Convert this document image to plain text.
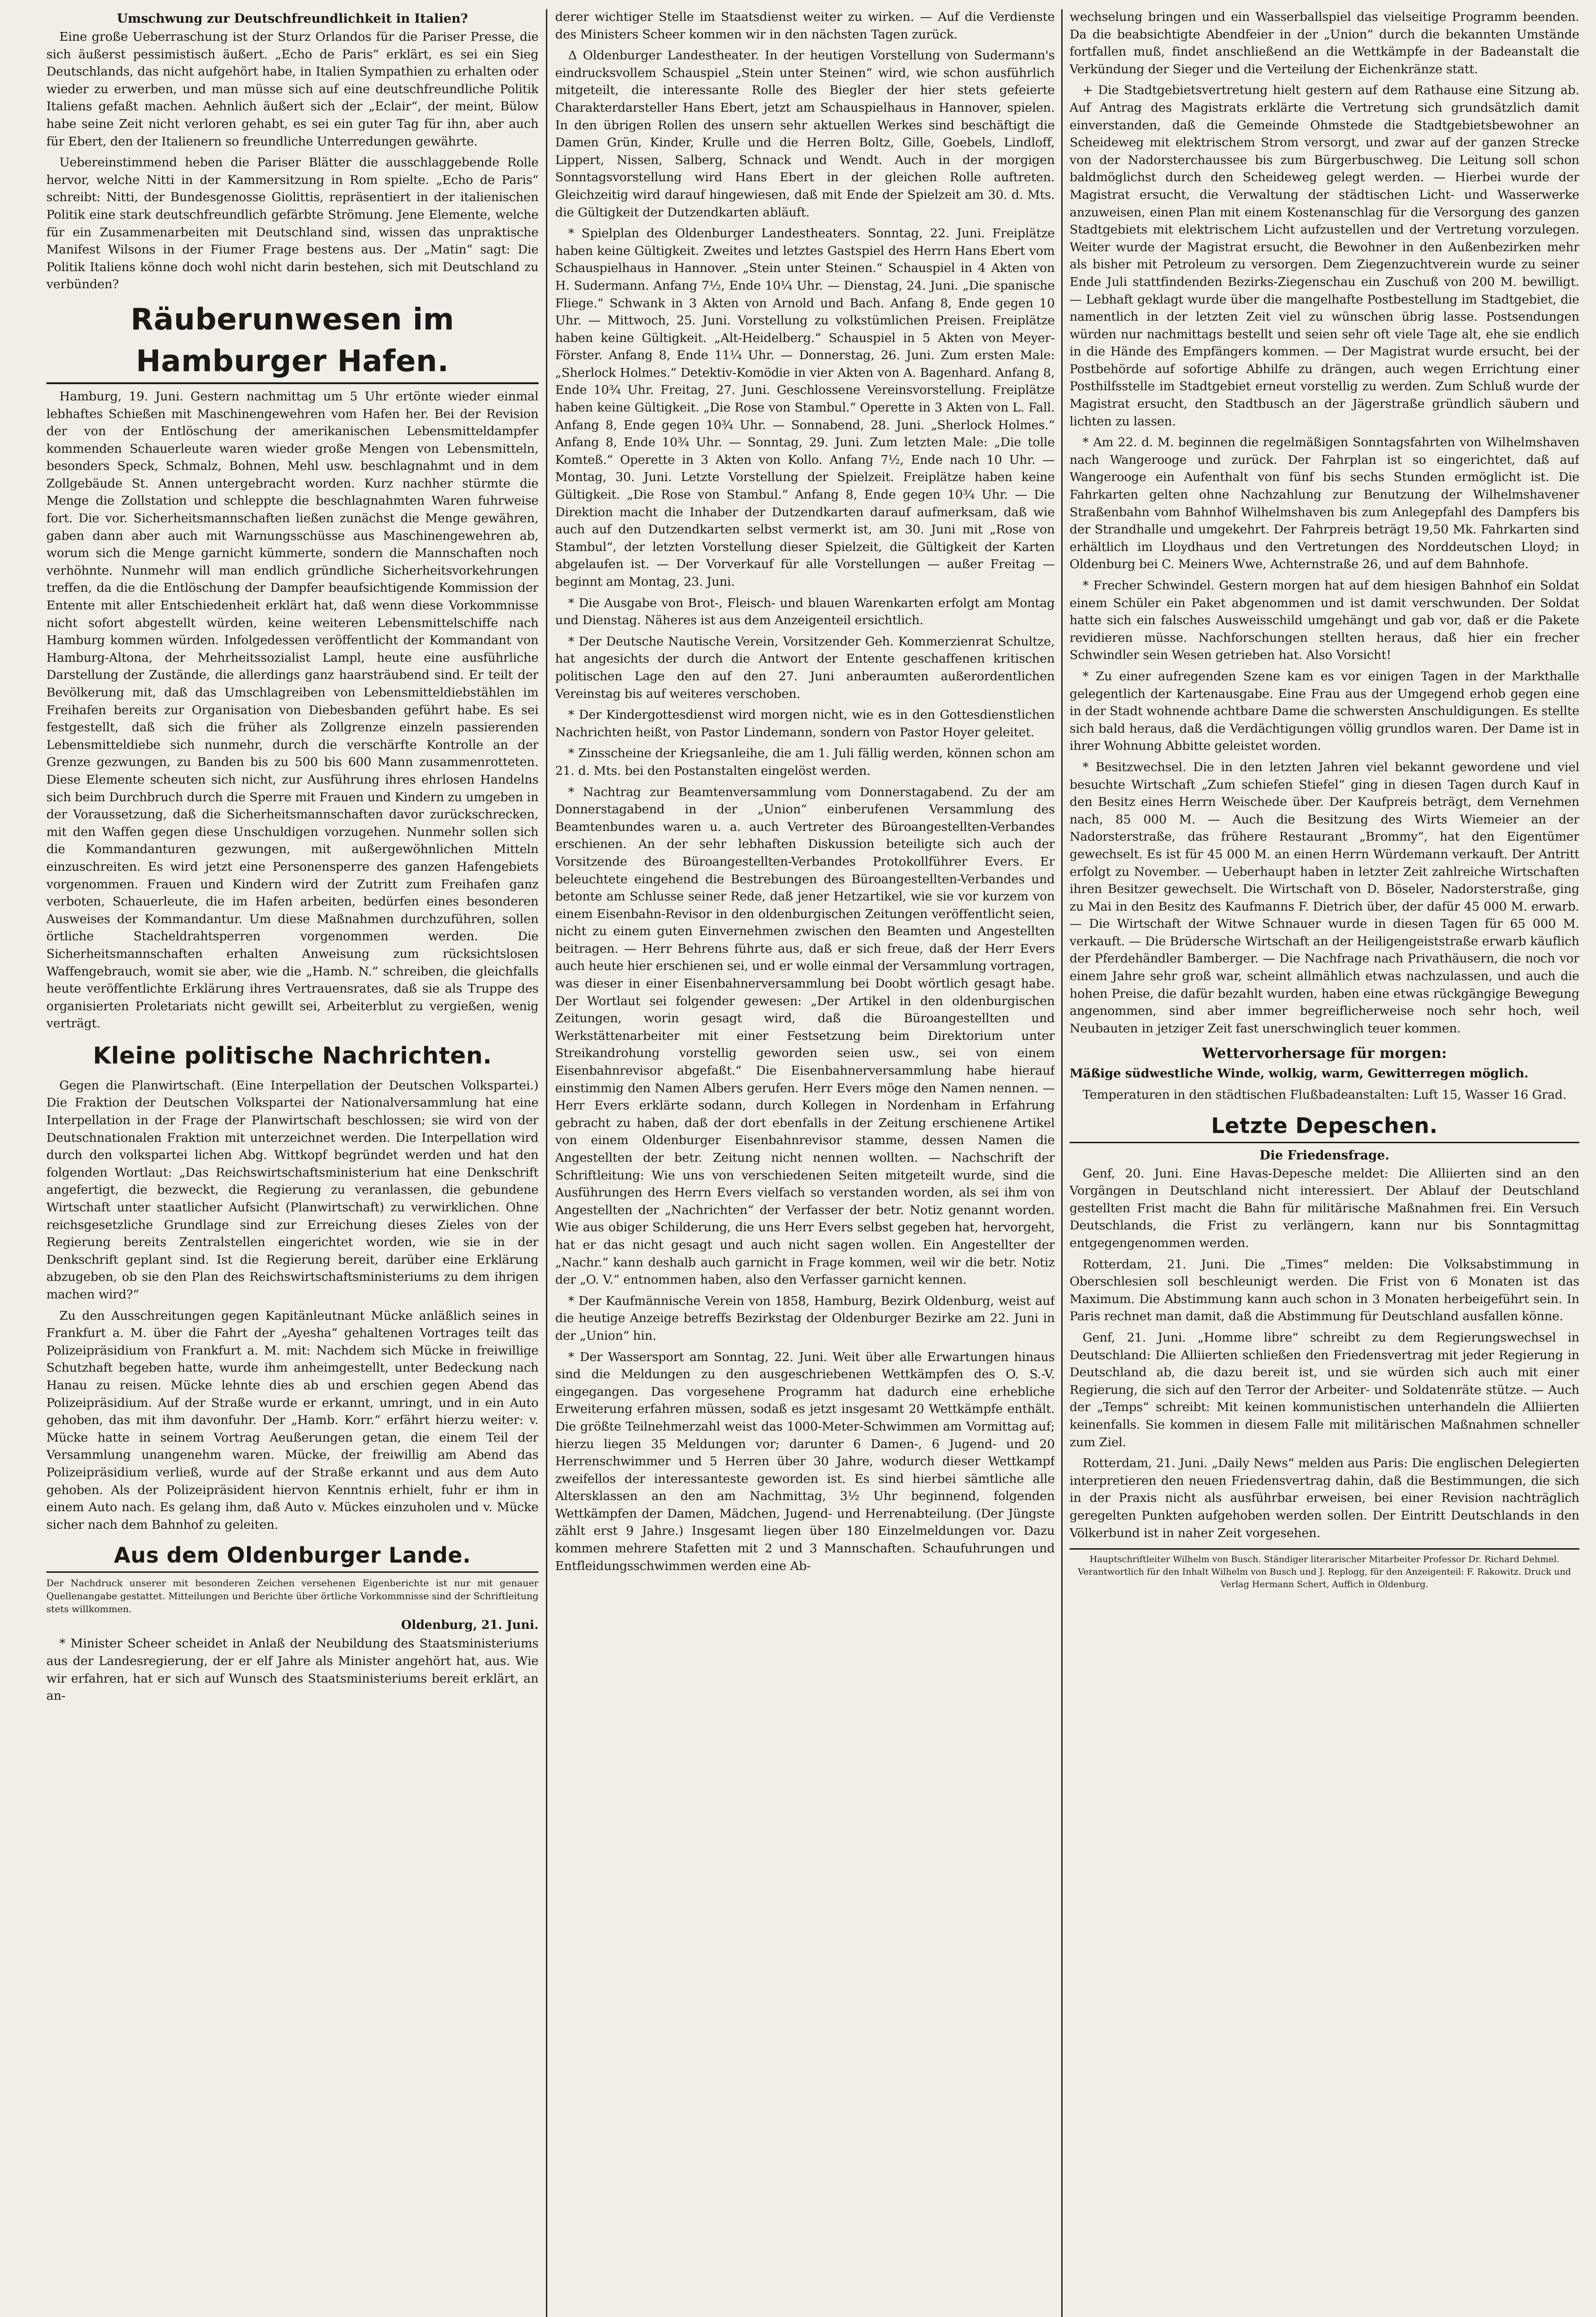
Umschwung zur Deutschfreundlichkeit in Italien?

Eine große Ueberraschung ist der Sturz Orlandos für die Pariser Presse, die sich äußerst pessimistisch äußert. „Echo de Paris“ erklärt, es sei ein Sieg Deutschlands, das nicht aufgehört habe, in Italien Sympathien zu erhalten oder wieder zu erwerben, und man müsse sich auf eine deutschfreundliche Politik Italiens gefaßt machen. Aehnlich äußert sich der „Eclair“, der meint, Bülow habe seine Zeit nicht verloren gehabt, es sei ein guter Tag für ihn, aber auch für Ebert, den der Italienern so freundliche Unterredungen gewährte.

Uebereinstimmend heben die Pariser Blätter die ausschlaggebende Rolle hervor, welche Nitti in der Kammersitzung in Rom spielte. „Echo de Paris“ schreibt: Nitti, der Bundesgenosse Giolittis, repräsentiert in der italienischen Politik eine stark deutschfreundlich gefärbte Strömung. Jene Elemente, welche für ein Zusammenarbeiten mit Deutschland sind, wissen das unpraktische Manifest Wilsons in der Fiumer Frage bestens aus. Der „Matin“ sagt: Die Politik Italiens könne doch wohl nicht darin bestehen, sich mit Deutschland zu verbünden?

Räuberunwesen im Hamburger Hafen.

Hamburg, 19. Juni. Gestern nachmittag um 5 Uhr ertönte wieder einmal lebhaftes Schießen mit Maschinengewehren vom Hafen her. Bei der Revision der von der Entlöschung der amerikanischen Lebensmitteldampfer kommenden Schauerleute waren wieder große Mengen von Lebensmitteln, besonders Speck, Schmalz, Bohnen, Mehl usw. beschlagnahmt und in dem Zollgebäude St. Annen untergebracht worden. Kurz nachher stürmte die Menge die Zollstation und schleppte die beschlagnahmten Waren fuhrweise fort. Die vor. Sicherheitsmannschaften ließen zunächst die Menge gewähren, gaben dann aber auch mit Warnungsschüsse aus Maschinengewehren ab, worum sich die Menge garnicht kümmerte, sondern die Mannschaften noch verhöhnte. Nunmehr will man endlich gründliche Sicherheitsvorkehrungen treffen, da die die Entlöschung der Dampfer beaufsichtigende Kommission der Entente mit aller Entschiedenheit erklärt hat, daß wenn diese Vorkommnisse nicht sofort abgestellt würden, keine weiteren Lebensmittelschiffe nach Hamburg kommen würden. Infolgedessen veröffentlicht der Kommandant von Hamburg-Altona, der Mehrheitssozialist Lampl, heute eine ausführliche Darstellung der Zustände, die allerdings ganz haarsträubend sind. Er teilt der Bevölkerung mit, daß das Umschlagreiben von Lebensmitteldiebstählen im Freihafen bereits zur Organisation von Diebesbanden geführt habe. Es sei festgestellt, daß sich die früher als Zollgrenze einzeln passierenden Lebensmitteldiebe sich nunmehr, durch die verschärfte Kontrolle an der Grenze gezwungen, zu Banden bis zu 500 bis 600 Mann zusammenrotteten. Diese Elemente scheuten sich nicht, zur Ausführung ihres ehrlosen Handelns sich beim Durchbruch durch die Sperre mit Frauen und Kindern zu umgeben in der Voraussetzung, daß die Sicherheitsmannschaften davor zurückschrecken, mit den Waffen gegen diese Unschuldigen vorzugehen. Nunmehr sollen sich die Kommandanturen gezwungen, mit außergewöhnlichen Mitteln einzuschreiten. Es wird jetzt eine Personensperre des ganzen Hafengebiets vorgenommen. Frauen und Kindern wird der Zutritt zum Freihafen ganz verboten, Schauerleute, die im Hafen arbeiten, bedürfen eines besonderen Ausweises der Kommandantur. Um diese Maßnahmen durchzuführen, sollen örtliche Stacheldrahtsperren vorgenommen werden. Die Sicherheitsmannschaften erhalten Anweisung zum rücksichtslosen Waffengebrauch, womit sie aber, wie die „Hamb. N.“ schreiben, die gleichfalls heute veröffentlichte Erklärung ihres Vertrauensrates, daß sie als Truppe des organisierten Proletariats nicht gewillt sei, Arbeiterblut zu vergießen, wenig verträgt.

Kleine politische Nachrichten.

Gegen die Planwirtschaft. (Eine Interpellation der Deutschen Volkspartei.) Die Fraktion der Deutschen Volkspartei der Nationalversammlung hat eine Interpellation in der Frage der Planwirtschaft beschlossen; sie wird von der Deutschnationalen Fraktion mit unterzeichnet werden. Die Interpellation wird durch den volkspartei lichen Abg. Wittkopf begründet werden und hat den folgenden Wortlaut: „Das Reichswirtschaftsministerium hat eine Denkschrift angefertigt, die bezweckt, die Regierung zu veranlassen, die gebundene Wirtschaft unter staatlicher Aufsicht (Planwirtschaft) zu verwirklichen. Ohne reichsgesetzliche Grundlage sind zur Erreichung dieses Zieles von der Regierung bereits Zentralstellen eingerichtet worden, wie sie in der Denkschrift geplant sind. Ist die Regierung bereit, darüber eine Erklärung abzugeben, ob sie den Plan des Reichswirtschaftsministeriums zu dem ihrigen machen wird?“

Zu den Ausschreitungen gegen Kapitänleutnant Mücke anläßlich seines in Frankfurt a. M. über die Fahrt der „Ayesha“ gehaltenen Vortrages teilt das Polizeipräsidium von Frankfurt a. M. mit: Nachdem sich Mücke in freiwillige Schutzhaft begeben hatte, wurde ihm anheimgestellt, unter Bedeckung nach Hanau zu reisen. Mücke lehnte dies ab und erschien gegen Abend das Polizeipräsidium. Auf der Straße wurde er erkannt, umringt, und in ein Auto gehoben, das mit ihm davonfuhr. Der „Hamb. Korr.“ erfährt hierzu weiter: v. Mücke hatte in seinem Vortrag Aeußerungen getan, die einem Teil der Versammlung unangenehm waren. Mücke, der freiwillig am Abend das Polizeipräsidium verließ, wurde auf der Straße erkannt und aus dem Auto gehoben. Als der Polizeipräsident hiervon Kenntnis erhielt, fuhr er ihm in einem Auto nach. Es gelang ihm, daß Auto v. Mückes einzuholen und v. Mücke sicher nach dem Bahnhof zu geleiten.

Aus dem Oldenburger Lande.

Der Nachdruck unserer mit besonderen Zeichen versehenen Eigenberichte ist nur mit genauer Quellenangabe gestattet. Mitteilungen und Berichte über örtliche Vorkommnisse sind der Schriftleitung stets willkommen.

Oldenburg, 21. Juni.

* Minister Scheer scheidet in Anlaß der Neubildung des Staatsministeriums aus der Landesregierung, der er elf Jahre als Minister angehört hat, aus. Wie wir erfahren, hat er sich auf Wunsch des Staatsministeriums bereit erklärt, an an-

derer wichtiger Stelle im Staatsdienst weiter zu wirken. — Auf die Verdienste des Ministers Scheer kommen wir in den nächsten Tagen zurück.

Δ Oldenburger Landestheater. In der heutigen Vorstellung von Sudermann's eindrucksvollem Schauspiel „Stein unter Steinen“ wird, wie schon ausführlich mitgeteilt, die interessante Rolle des Biegler der hier stets gefeierte Charakterdarsteller Hans Ebert, jetzt am Schauspielhaus in Hannover, spielen. In den übrigen Rollen des unsern sehr aktuellen Werkes sind beschäftigt die Damen Grün, Kinder, Krulle und die Herren Boltz, Gille, Goebels, Lindloff, Lippert, Nissen, Salberg, Schnack und Wendt. Auch in der morgigen Sonntagsvorstellung wird Hans Ebert in der gleichen Rolle auftreten. Gleichzeitig wird darauf hingewiesen, daß mit Ende der Spielzeit am 30. d. Mts. die Gültigkeit der Dutzendkarten abläuft.

* Spielplan des Oldenburger Landestheaters. Sonntag, 22. Juni. Freiplätze haben keine Gültigkeit. Zweites und letztes Gastspiel des Herrn Hans Ebert vom Schauspielhaus in Hannover. „Stein unter Steinen.“ Schauspiel in 4 Akten von H. Sudermann. Anfang 7½, Ende 10¼ Uhr. — Dienstag, 24. Juni. „Die spanische Fliege.“ Schwank in 3 Akten von Arnold und Bach. Anfang 8, Ende gegen 10 Uhr. — Mittwoch, 25. Juni. Vorstellung zu volkstümlichen Preisen. Freiplätze haben keine Gültigkeit. „Alt-Heidelberg.“ Schauspiel in 5 Akten von Meyer-Förster. Anfang 8, Ende 11¼ Uhr. — Donnerstag, 26. Juni. Zum ersten Male: „Sherlock Holmes.“ Detektiv-Komödie in vier Akten von A. Bagenhard. Anfang 8, Ende 10¾ Uhr. Freitag, 27. Juni. Geschlossene Vereinsvorstellung. Freiplätze haben keine Gültigkeit. „Die Rose von Stambul.“ Operette in 3 Akten von L. Fall. Anfang 8, Ende gegen 10¾ Uhr. — Sonnabend, 28. Juni. „Sherlock Holmes.“ Anfang 8, Ende 10¾ Uhr. — Sonntag, 29. Juni. Zum letzten Male: „Die tolle Komteß.“ Operette in 3 Akten von Kollo. Anfang 7½, Ende nach 10 Uhr. — Montag, 30. Juni. Letzte Vorstellung der Spielzeit. Freiplätze haben keine Gültigkeit. „Die Rose von Stambul.“ Anfang 8, Ende gegen 10¾ Uhr. — Die Direktion macht die Inhaber der Dutzendkarten darauf aufmerksam, daß wie auch auf den Dutzendkarten selbst vermerkt ist, am 30. Juni mit „Rose von Stambul“, der letzten Vorstellung dieser Spielzeit, die Gültigkeit der Karten abgelaufen ist. — Der Vorverkauf für alle Vorstellungen — außer Freitag — beginnt am Montag, 23. Juni.

* Die Ausgabe von Brot-, Fleisch- und blauen Warenkarten erfolgt am Montag und Dienstag. Näheres ist aus dem Anzeigenteil ersichtlich.

* Der Deutsche Nautische Verein, Vorsitzender Geh. Kommerzienrat Schultze, hat angesichts der durch die Antwort der Entente geschaffenen kritischen politischen Lage den auf den 27. Juni anberaumten außerordentlichen Vereinstag bis auf weiteres verschoben.

* Der Kindergottesdienst wird morgen nicht, wie es in den Gottesdienstlichen Nachrichten heißt, von Pastor Lindemann, sondern von Pastor Hoyer geleitet.

* Zinsscheine der Kriegsanleihe, die am 1. Juli fällig werden, können schon am 21. d. Mts. bei den Postanstalten eingelöst werden.

* Nachtrag zur Beamtenversammlung vom Donnerstagabend. Zu der am Donnerstagabend in der „Union“ einberufenen Versammlung des Beamtenbundes waren u. a. auch Vertreter des Büroangestellten-Verbandes erschienen. An der sehr lebhaften Diskussion beteiligte sich auch der Vorsitzende des Büroangestellten-Verbandes Protokollführer Evers. Er beleuchtete eingehend die Bestrebungen des Büroangestellten-Verbandes und betonte am Schlusse seiner Rede, daß jener Hetzartikel, wie sie vor kurzem von einem Eisenbahn-Revisor in den oldenburgischen Zeitungen veröffentlicht seien, nicht zu einem guten Einvernehmen zwischen den Beamten und Angestellten beitragen. — Herr Behrens führte aus, daß er sich freue, daß der Herr Evers auch heute hier erschienen sei, und er wolle einmal der Versammlung vortragen, was dieser in einer Eisenbahnerversammlung bei Doobt wörtlich gesagt habe. Der Wortlaut sei folgender gewesen: „Der Artikel in den oldenburgischen Zeitungen, worin gesagt wird, daß die Büroangestellten und Werkstättenarbeiter mit einer Festsetzung beim Direktorium unter Streikandrohung vorstellig geworden seien usw., sei von einem Eisenbahnrevisor abgefaßt.“ Die Eisenbahnerversammlung habe hierauf einstimmig den Namen Albers gerufen. Herr Evers möge den Namen nennen. — Herr Evers erklärte sodann, durch Kollegen in Nordenham in Erfahrung gebracht zu haben, daß der dort ebenfalls in der Zeitung erschienene Artikel von einem Oldenburger Eisenbahnrevisor stamme, dessen Namen die Angestellten der betr. Zeitung nicht nennen wollten. — Nachschrift der Schriftleitung: Wie uns von verschiedenen Seiten mitgeteilt wurde, sind die Ausführungen des Herrn Evers vielfach so verstanden worden, als sei ihm von Angestellten der „Nachrichten“ der Verfasser der betr. Notiz genannt worden. Wie aus obiger Schilderung, die uns Herr Evers selbst gegeben hat, hervorgeht, hat er das nicht gesagt und auch nicht sagen wollen. Ein Angestellter der „Nachr.“ kann deshalb auch garnicht in Frage kommen, weil wir die betr. Notiz der „O. V.“ entnommen haben, also den Verfasser garnicht kennen.

* Der Kaufmännische Verein von 1858, Hamburg, Bezirk Oldenburg, weist auf die heutige Anzeige betreffs Bezirkstag der Oldenburger Bezirke am 22. Juni in der „Union“ hin.

* Der Wassersport am Sonntag, 22. Juni. Weit über alle Erwartungen hinaus sind die Meldungen zu den ausgeschriebenen Wettkämpfen des O. S.-V. eingegangen. Das vorgesehene Programm hat dadurch eine erhebliche Erweiterung erfahren müssen, sodaß es jetzt insgesamt 20 Wettkämpfe enthält. Die größte Teilnehmerzahl weist das 1000-Meter-Schwimmen am Vormittag auf; hierzu liegen 35 Meldungen vor; darunter 6 Damen-, 6 Jugend- und 20 Herrenschwimmer und 5 Herren über 30 Jahre, wodurch dieser Wettkampf zweifellos der interessanteste geworden ist. Es sind hierbei sämtliche alle Altersklassen an den am Nachmittag, 3½ Uhr beginnend, folgenden Wettkämpfen der Damen, Mädchen, Jugend- und Herrenabteilung. (Der Jüngste zählt erst 9 Jahre.) Insgesamt liegen über 180 Einzelmeldungen vor. Dazu kommen mehrere Stafetten mit 2 und 3 Mannschaften. Schaufuhrungen und Entfleidungsschwimmen werden eine Ab-

wechselung bringen und ein Wasserballspiel das vielseitige Programm beenden. Da die beabsichtigte Abendfeier in der „Union“ durch die bekannten Umstände fortfallen muß, findet anschließend an die Wettkämpfe in der Badeanstalt die Verkündung der Sieger und die Verteilung der Eichenkränze statt.

+ Die Stadtgebietsvertretung hielt gestern auf dem Rathause eine Sitzung ab. Auf Antrag des Magistrats erklärte die Vertretung sich grundsätzlich damit einverstanden, daß die Gemeinde Ohmstede die Stadtgebietsbewohner an Scheideweg mit elektrischem Strom versorgt, und zwar auf der ganzen Strecke von der Nadorsterchaussee bis zum Bürgerbuschweg. Die Leitung soll schon baldmöglichst durch den Scheideweg gelegt werden. — Hierbei wurde der Magistrat ersucht, die Verwaltung der städtischen Licht- und Wasserwerke anzuweisen, einen Plan mit einem Kostenanschlag für die Versorgung des ganzen Stadtgebiets mit elektrischem Licht aufzustellen und der Vertretung vorzulegen. Weiter wurde der Magistrat ersucht, die Bewohner in den Außenbezirken mehr als bisher mit Petroleum zu versorgen. Dem Ziegenzuchtverein wurde zu seiner Ende Juli stattfindenden Bezirks-Ziegenschau ein Zuschuß von 200 M. bewilligt. — Lebhaft geklagt wurde über die mangelhafte Postbestellung im Stadtgebiet, die namentlich in der letzten Zeit viel zu wünschen übrig lasse. Postsendungen würden nur nachmittags bestellt und seien sehr oft viele Tage alt, ehe sie endlich in die Hände des Empfängers kommen. — Der Magistrat wurde ersucht, bei der Postbehörde auf sofortige Abhilfe zu drängen, auch wegen Errichtung einer Posthilfsstelle im Stadtgebiet erneut vorstellig zu werden. Zum Schluß wurde der Magistrat ersucht, den Stadtbusch an der Jägerstraße gründlich säubern und lichten zu lassen.

* Am 22. d. M. beginnen die regelmäßigen Sonntagsfahrten von Wilhelmshaven nach Wangerooge und zurück. Der Fahrplan ist so eingerichtet, daß auf Wangerooge ein Aufenthalt von fünf bis sechs Stunden ermöglicht ist. Die Fahrkarten gelten ohne Nachzahlung zur Benutzung der Wilhelmshavener Straßenbahn vom Bahnhof Wilhelmshaven bis zum Anlegepfahl des Dampfers bis der Strandhalle und umgekehrt. Der Fahrpreis beträgt 19,50 Mk. Fahrkarten sind erhältlich im Lloydhaus und den Vertretungen des Norddeutschen Lloyd; in Oldenburg bei C. Meiners Wwe, Achternstraße 26, und auf dem Bahnhofe.

* Frecher Schwindel. Gestern morgen hat auf dem hiesigen Bahnhof ein Soldat einem Schüler ein Paket abgenommen und ist damit verschwunden. Der Soldat hatte sich ein falsches Ausweisschild umgehängt und gab vor, daß er die Pakete revidieren müsse. Nachforschungen stellten heraus, daß hier ein frecher Schwindler sein Wesen getrieben hat. Also Vorsicht!

* Zu einer aufregenden Szene kam es vor einigen Tagen in der Markthalle gelegentlich der Kartenausgabe. Eine Frau aus der Umgegend erhob gegen eine in der Stadt wohnende achtbare Dame die schwersten Anschuldigungen. Es stellte sich bald heraus, daß die Verdächtigungen völlig grundlos waren. Der Dame ist in ihrer Wohnung Abbitte geleistet worden.

* Besitzwechsel. Die in den letzten Jahren viel bekannt gewordene und viel besuchte Wirtschaft „Zum schiefen Stiefel“ ging in diesen Tagen durch Kauf in den Besitz eines Herrn Weischede über. Der Kaufpreis beträgt, dem Vernehmen nach, 85 000 M. — Auch die Besitzung des Wirts Wiemeier an der Nadorsterstraße, das frühere Restaurant „Brommy“, hat den Eigentümer gewechselt. Es ist für 45 000 M. an einen Herrn Würdemann verkauft. Der Antritt erfolgt zu November. — Ueberhaupt haben in letzter Zeit zahlreiche Wirtschaften ihren Besitzer gewechselt. Die Wirtschaft von D. Böseler, Nadorsterstraße, ging zu Mai in den Besitz des Kaufmanns F. Dietrich über, der dafür 45 000 M. erwarb. — Die Wirtschaft der Witwe Schnauer wurde in diesen Tagen für 65 000 M. verkauft. — Die Brüdersche Wirtschaft an der Heiligengeiststraße erwarb käuflich der Pferdehändler Bamberger. — Die Nachfrage nach Privathäusern, die noch vor einem Jahre sehr groß war, scheint allmählich etwas nachzulassen, und auch die hohen Preise, die dafür bezahlt wurden, haben eine etwas rückgängige Bewegung angenommen, sind aber immer begreiflicherweise noch sehr hoch, weil Neubauten in jetziger Zeit fast unerschwinglich teuer kommen.

Wettervorhersage für morgen:

Mäßige südwestliche Winde, wolkig, warm, Gewitterregen möglich.

Temperaturen in den städtischen Flußbadeanstalten: Luft 15, Wasser 16 Grad.

Letzte Depeschen.
Die Friedensfrage.

Genf, 20. Juni. Eine Havas-Depesche meldet: Die Alliierten sind an den Vorgängen in Deutschland nicht interessiert. Der Ablauf der Deutschland gestellten Frist macht die Bahn für militärische Maßnahmen frei. Ein Versuch Deutschlands, die Frist zu verlängern, kann nur bis Sonntagmittag entgegengenommen werden.

Rotterdam, 21. Juni. Die „Times“ melden: Die Volksabstimmung in Oberschlesien soll beschleunigt werden. Die Frist von 6 Monaten ist das Maximum. Die Abstimmung kann auch schon in 3 Monaten herbeigeführt sein. In Paris rechnet man damit, daß die Abstimmung für Deutschland ausfallen könne.

Genf, 21. Juni. „Homme libre“ schreibt zu dem Regierungswechsel in Deutschland: Die Alliierten schließen den Friedensvertrag mit jeder Regierung in Deutschland ab, die dazu bereit ist, und sie würden sich auch mit einer Regierung, die sich auf den Terror der Arbeiter- und Soldatenräte stütze. — Auch der „Temps“ schreibt: Mit keinen kommunistischen unterhandeln die Alliierten keinenfalls. Sie kommen in diesem Falle mit militärischen Maßnahmen schneller zum Ziel.

Rotterdam, 21. Juni. „Daily News“ melden aus Paris: Die englischen Delegierten interpretieren den neuen Friedensvertrag dahin, daß die Bestimmungen, die sich in der Praxis nicht als ausführbar erweisen, bei einer Revision nachträglich geregelten Punkten aufgehoben werden sollen. Der Eintritt Deutschlands in den Völkerbund ist in naher Zeit vorgesehen.

Hauptschriftleiter Wilhelm von Busch. Ständiger literarischer Mitarbeiter Professor Dr. Richard Dehmel. Verantwortlich für den Inhalt Wilhelm von Busch und J. Replogg, für den Anzeigenteil: F. Rakowitz. Druck und Verlag Hermann Schert, Auffich in Oldenburg.
